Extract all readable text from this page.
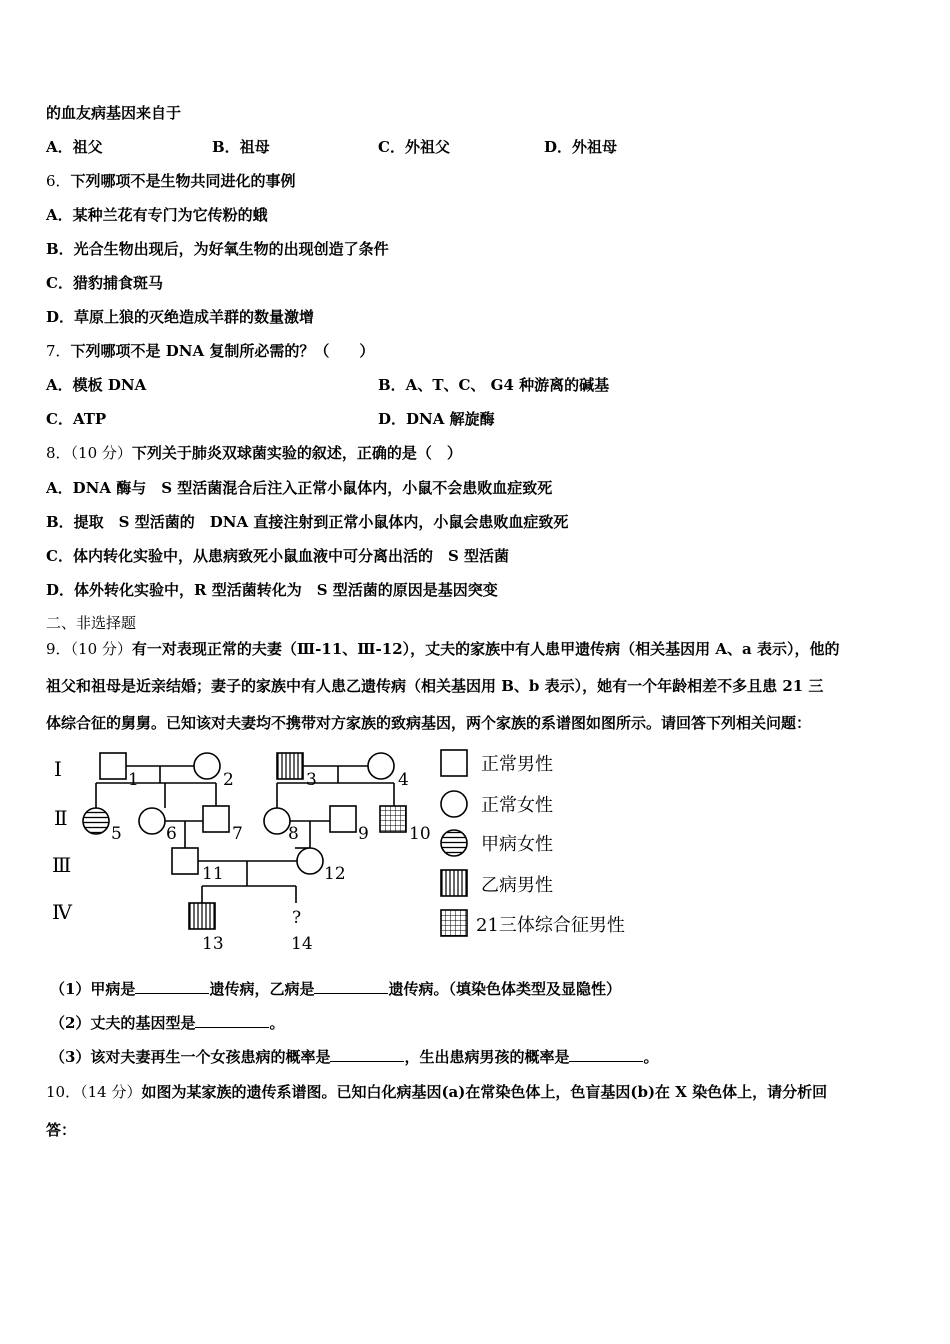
的血友病基因来自于
A．祖父	B．祖母	C．外祖父	D．外祖母
6．下列哪项不是生物共同进化的事例
A．某种兰花有专门为它传粉的蛾
B．光合生物出现后，为好氧生物的出现创造了条件
C．猎豹捕食斑马
D．草原上狼的灭绝造成羊群的数量激增
7．下列哪项不是 DNA 复制所必需的？（　　）
A．模板 DNA	B．A、T、C、 G4 种游离的碱基
C．ATP	D．DNA 解旋酶
8．（10 分）下列关于肺炎双球菌实验的叙述，正确的是（　）
A．DNA 酶与　S 型活菌混合后注入正常小鼠体内，小鼠不会患败血症致死
B．提取　S 型活菌的　DNA 直接注射到正常小鼠体内，小鼠会患败血症致死
C．体内转化实验中，从患病致死小鼠血液中可分离出活的　S 型活菌
D．体外转化实验中，R 型活菌转化为　S 型活菌的原因是基因突变
二、非选择题
9．（10 分）有一对表现正常的夫妻（Ⅲ-11、Ⅲ-12），丈夫的家族中有人患甲遗传病（相关基因用 A、a 表示），他的
祖父和祖母是近亲结婚；妻子的家族中有人患乙遗传病（相关基因用 B、b 表示），她有一个年龄相差不多且患 21 三
体综合征的舅舅。已知该对夫妻均不携带对方家族的致病基因，两个家族的系谱图如图所示。请回答下列相关问题：
Ⅰ
Ⅱ
Ⅲ
Ⅳ	?
1	2	3	4
5	6	7	8	9 10
11	12
13	14
正常男性
正常女性
甲病女性
乙病男性
21三体综合征男性
（1）甲病是	遗传病，乙病是	遗传病。（填染色体类型及显隐性）
（2）丈夫的基因型是	。
（3）该对夫妻再生一个女孩患病的概率是	，生出患病男孩的概率是	。
10．（14 分）如图为某家族的遗传系谱图。已知白化病基因(a)在常染色体上，色盲基因(b)在 X 染色体上，请分析回
答：
